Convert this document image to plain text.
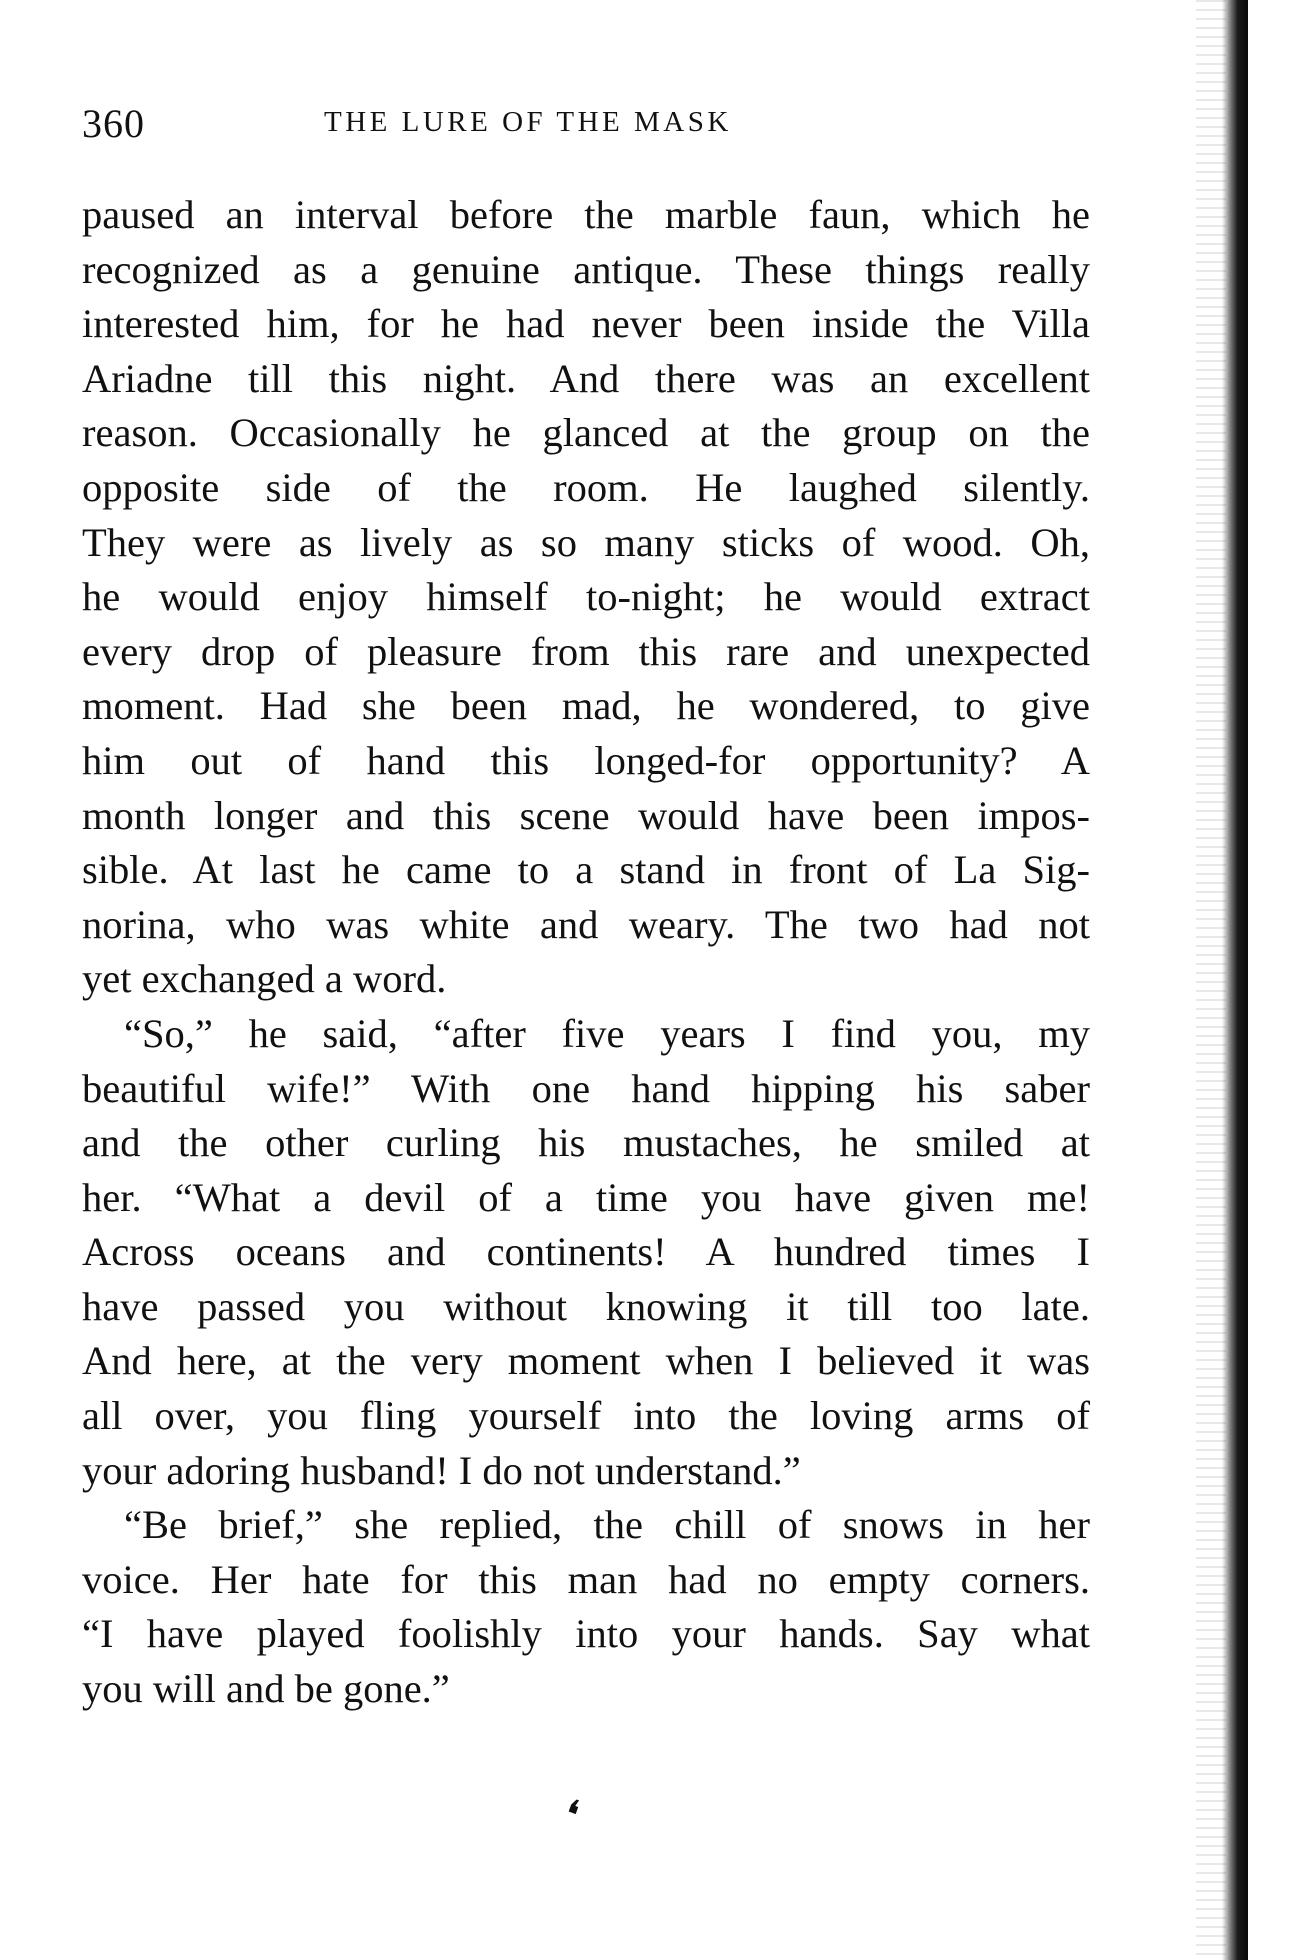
360	THE LURE OF THE MASK

paused an interval before the marble faun, which he
recognized as a genuine antique. These things really
interested him, for he had never been inside the Villa
Ariadne till this night. And there was an excellent
reason. Occasionally he glanced at the group on the
opposite side of the room. He laughed silently.
They were as lively as so many sticks of wood. Oh,
he would enjoy himself to-night; he would extract
every drop of pleasure from this rare and unexpected
moment. Had she been mad, he wondered, to give
him out of hand this longed-for opportunity? A
month longer and this scene would have been impos-
sible. At last he came to a stand in front of La Sig-
norina, who was white and weary. The two had not
yet exchanged a word.

“So,” he said, “after five years I find you, my
beautiful wife!” With one hand hipping his saber
and the other curling his mustaches, he smiled at
her. “What a devil of a time you have given me!
Across oceans and continents! A hundred times I
have passed you without knowing it till too late.
And here, at the very moment when I believed it was
all over, you fling yourself into the loving arms of
your adoring husband! I do not understand.”

“Be brief,” she replied, the chill of snows in her
voice. Her hate for this man had no empty corners.
“I have played foolishly into your hands. Say what
you will and be gone.”

❛
